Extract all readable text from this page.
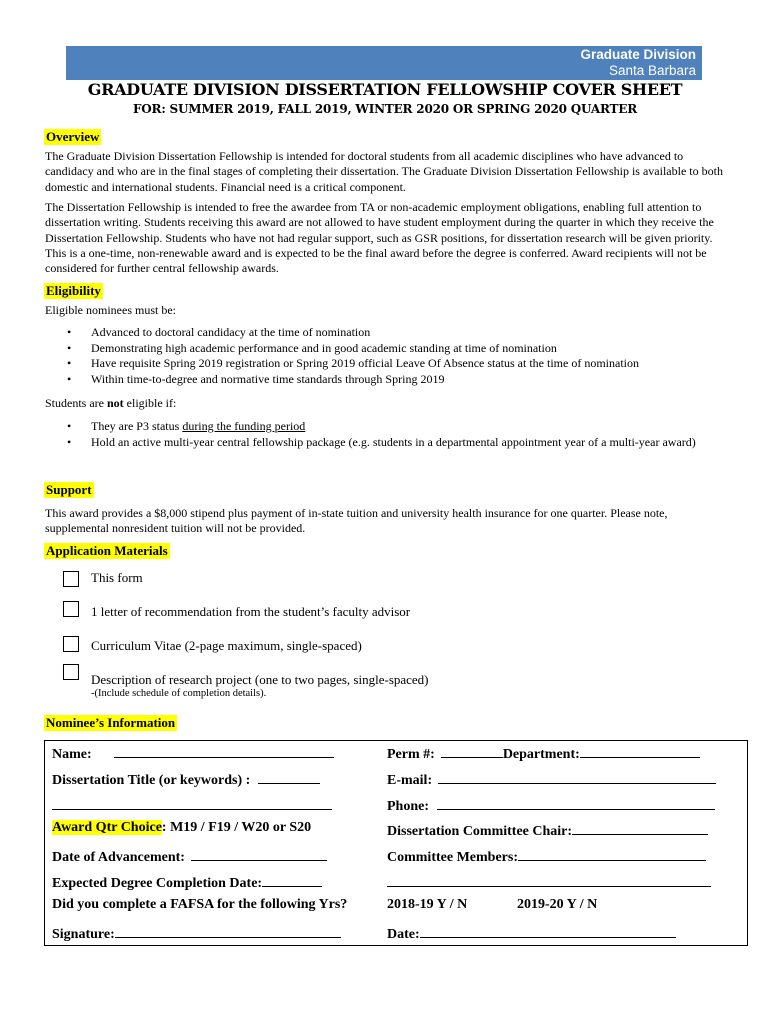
Graduate Division
Santa Barbara
GRADUATE DIVISION DISSERTATION FELLOWSHIP COVER SHEET
FOR: SUMMER 2019, FALL 2019, WINTER 2020 OR SPRING 2020 QUARTER
Overview
The Graduate Division Dissertation Fellowship is intended for doctoral students from all academic disciplines who have advanced to candidacy and who are in the final stages of completing their dissertation. The Graduate Division Dissertation Fellowship is available to both domestic and international students. Financial need is a critical component.
The Dissertation Fellowship is intended to free the awardee from TA or non-academic employment obligations, enabling full attention to dissertation writing. Students receiving this award are not allowed to have student employment during the quarter in which they receive the Dissertation Fellowship. Students who have not had regular support, such as GSR positions, for dissertation research will be given priority. This is a one-time, non-renewable award and is expected to be the final award before the degree is conferred. Award recipients will not be considered for further central fellowship awards.
Eligibility
Eligible nominees must be:
• Advanced to doctoral candidacy at the time of nomination
• Demonstrating high academic performance and in good academic standing at time of nomination
• Have requisite Spring 2019 registration or Spring 2019 official Leave Of Absence status at the time of nomination
• Within time-to-degree and normative time standards through Spring 2019
Students are not eligible if:
• They are P3 status during the funding period
• Hold an active multi-year central fellowship package (e.g. students in a departmental appointment year of a multi-year award)
Support
This award provides a $8,000 stipend plus payment of in-state tuition and university health insurance for one quarter. Please note, supplemental nonresident tuition will not be provided.
Application Materials
This form
1 letter of recommendation from the student’s faculty advisor
Curriculum Vitae (2-page maximum, single-spaced)
Description of research project (one to two pages, single-spaced)
-(Include schedule of completion details).
Nominee’s Information
Name:
Dissertation Title (or keywords) :
Award Qtr Choice: M19 / F19 / W20 or S20
Date of Advancement:
Expected Degree Completion Date:
Did you complete a FAFSA for the following Yrs?
Signature:
Perm #:	Department:
E-mail:
Phone:
Dissertation Committee Chair:
Committee Members:
2018-19 Y / N	2019-20 Y / N
Date:
